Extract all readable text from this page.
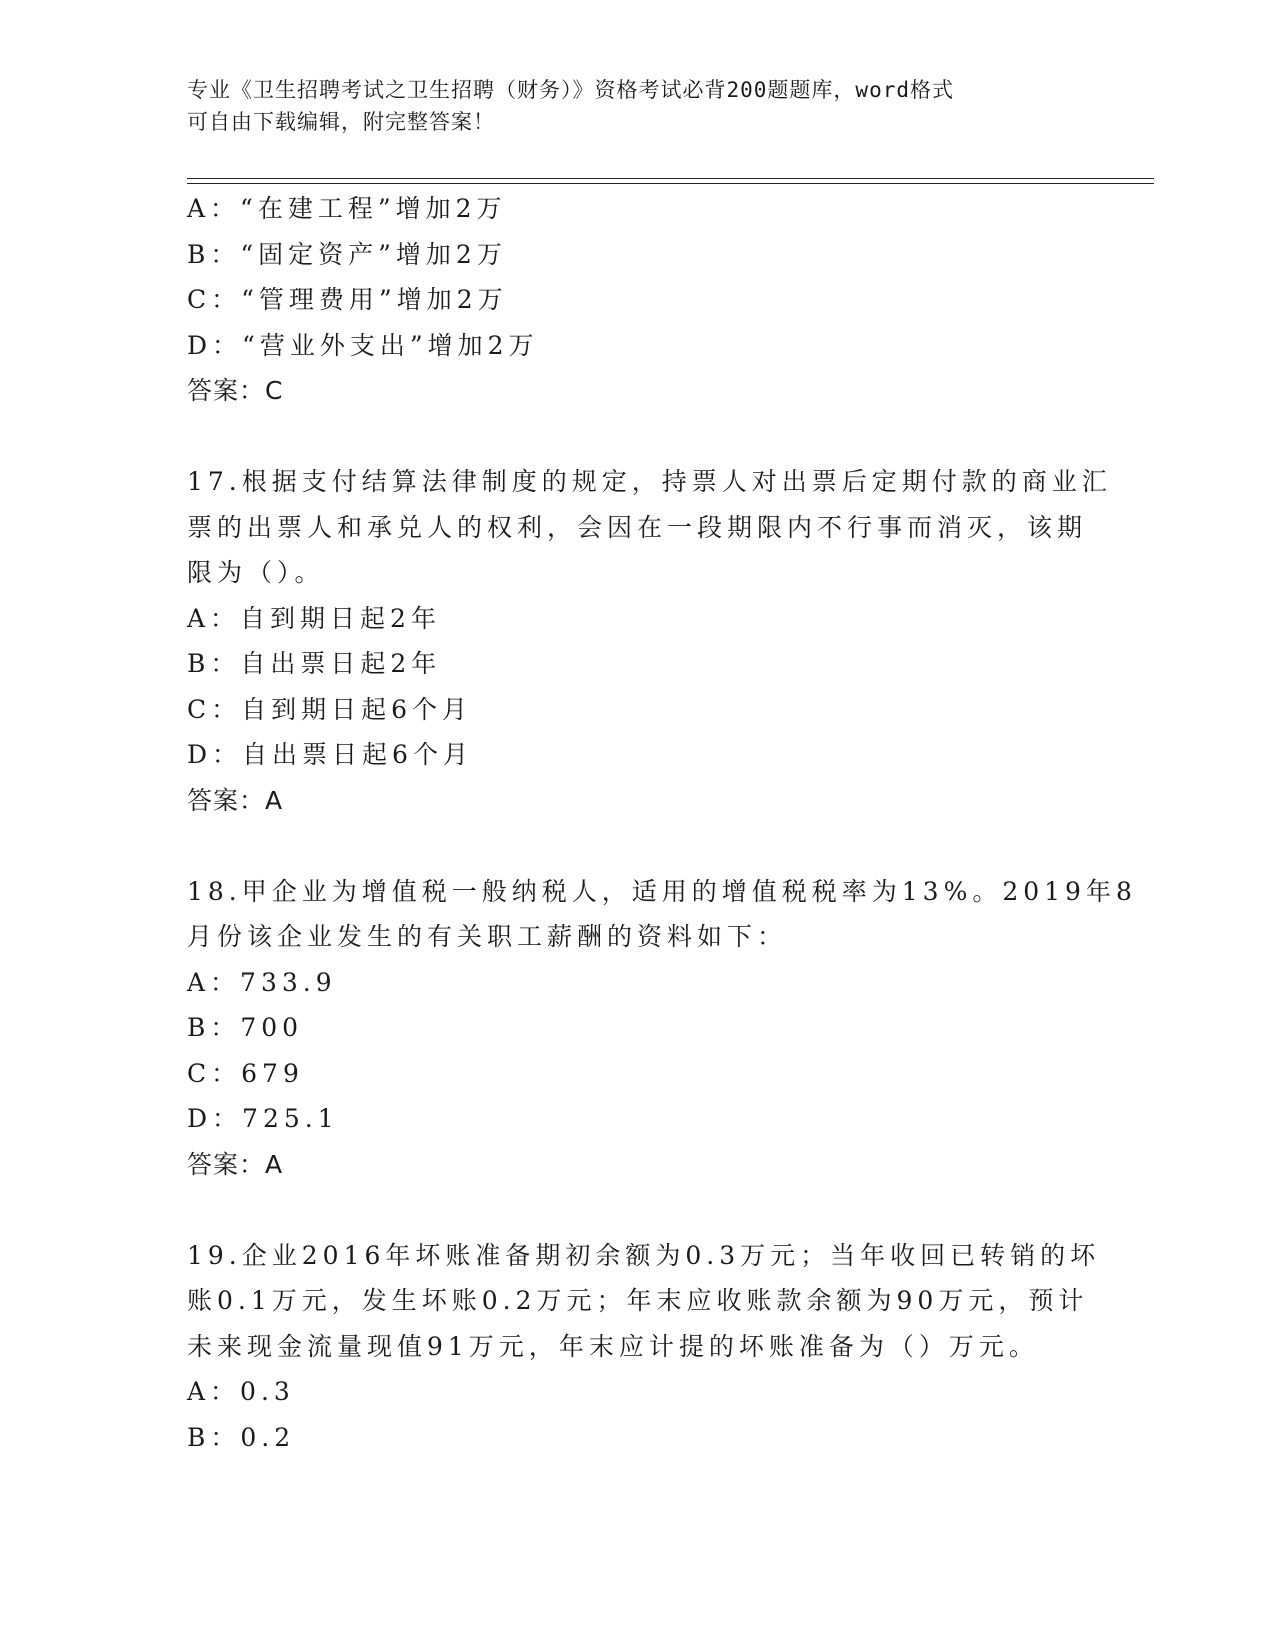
专业《卫生招聘考试之卫生招聘（财务）》资格考试必背200题题库，word格式
可自由下载编辑，附完整答案！

A：“在建工程”增加2万

B：“固定资产”增加2万

C：“管理费用”增加2万

D：“营业外支出”增加2万

答案：C

17.根据支付结算法律制度的规定，持票人对出票后定期付款的商业汇

票的出票人和承兑人的权利，会因在一段期限内不行事而消灭，该期

限为（）。

A：自到期日起2年

B：自出票日起2年

C：自到期日起6个月

D：自出票日起6个月

答案：A

18.甲企业为增值税一般纳税人，适用的增值税税率为13%。2019年8

月份该企业发生的有关职工薪酬的资料如下：

A：733.9

B：700

C：679

D：725.1

答案：A

19.企业2016年坏账准备期初余额为0.3万元；当年收回已转销的坏

账0.1万元，发生坏账0.2万元；年末应收账款余额为90万元，预计

未来现金流量现值91万元，年末应计提的坏账准备为（）万元。

A：0.3

B：0.2
